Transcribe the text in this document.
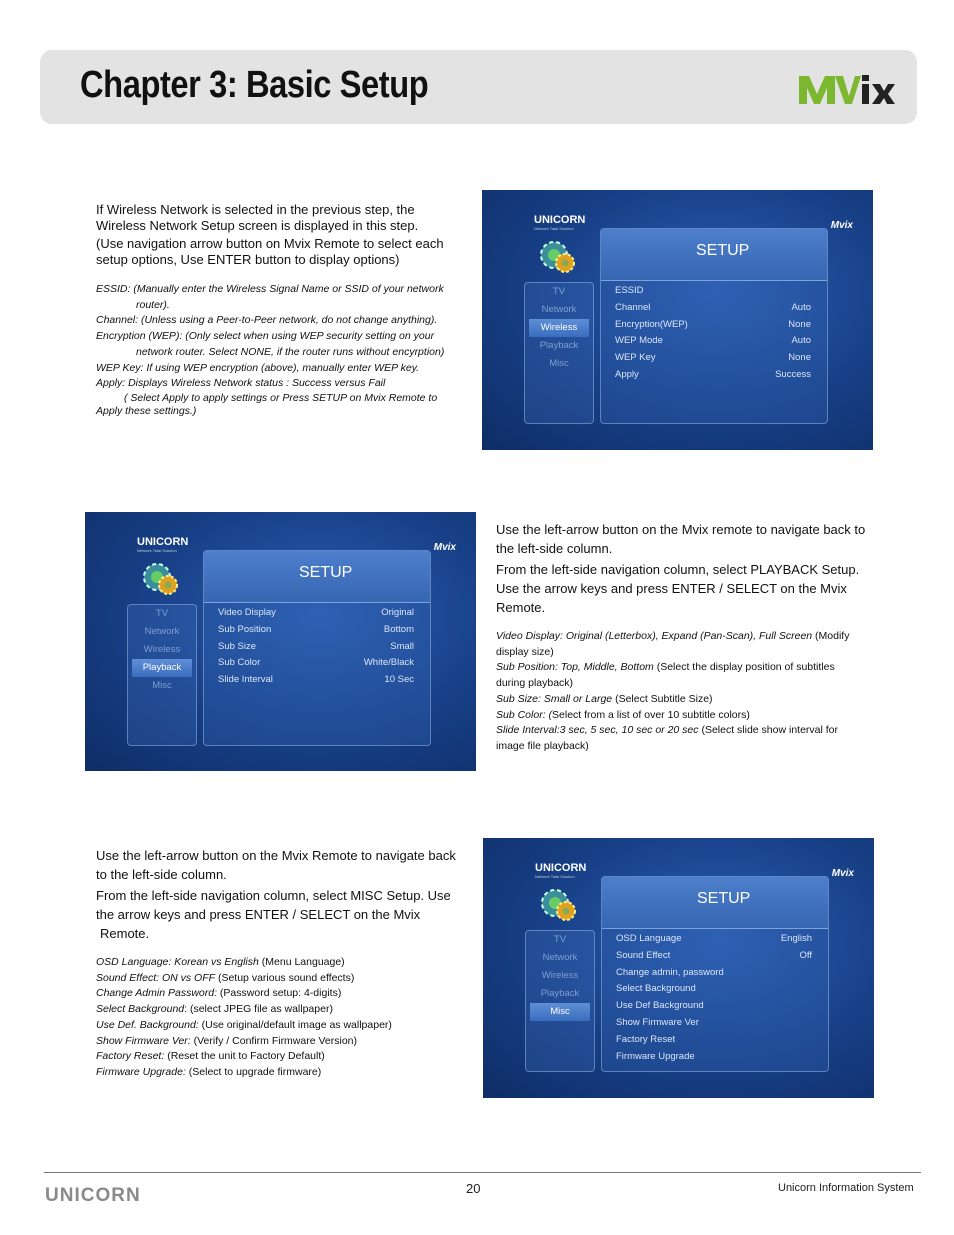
Chapter 3: Basic Setup

If Wireless Network is selected in the previous step, the Wireless Network Setup screen is displayed in this step.

(Use navigation arrow button on Mvix Remote to select each setup options, Use ENTER button to display options)

ESSID: (Manually enter the Wireless Signal Name or SSID of your network
router).
Channel: (Unless using a Peer-to-Peer network, do not change anything).
Encryption (WEP): (Only select when using WEP security setting on your
network router. Select NONE, if the router runs without encyrption)
WEP Key: If using WEP encryption (above), manually enter WEP key.
Apply: Displays Wireless Network status : Success versus Fail
( Select Apply to apply settings or Press SETUP on Mvix Remote to
Apply these settings.)
UNICORN
Network Total Solution	Mvix
TV
Network
Wireless
Playback
Misc
SETUP
ESSID
Channel	Auto
Encryption(WEP)	None
WEP Mode	Auto
WEP Key	None
Apply	Success
UNICORN
Network Total Solution	Mvix
TV
Network
Wireless
Playback
Misc
SETUP
Video Display	Original
Sub Position	Bottom
Sub Size	Small
Sub Color	White/Black
Slide Interval	10 Sec

Use the left-arrow button on the Mvix remote to navigate back to the left-side column.

From the left-side navigation column, select PLAYBACK Setup. Use the arrow keys and press ENTER / SELECT on the Mvix Remote.

Video Display: Original (Letterbox), Expand (Pan-Scan), Full Screen (Modify display size)
Sub Position: Top, Middle, Bottom (Select the display position of subtitles during playback)
Sub Size: Small or Large (Select Subtitle Size)
Sub Color: (Select from a list of over 10 subtitle colors)
Slide Interval:3 sec, 5 sec, 10 sec or 20 sec (Select slide show interval for image file playback)

Use the left-arrow button on the Mvix Remote to navigate back to the left-side column.

From the left-side navigation column, select MISC Setup. Use the arrow keys and press ENTER / SELECT on the Mvix

Remote.

OSD Language: Korean vs English (Menu Language)
Sound Effect: ON vs OFF (Setup various sound effects)
Change Admin Password: (Password setup: 4-digits)
Select Background: (select JPEG file as wallpaper)
Use Def. Background: (Use original/default image as wallpaper)
Show Firmware Ver: (Verify / Confirm Firmware Version)
Factory Reset: (Reset the unit to Factory Default)
Firmware Upgrade: (Select to upgrade firmware)
UNICORN
Network Total Solution	Mvix
TV
Network
Wireless
Playback
Misc
SETUP
OSD Language	English
Sound Effect	Off
Change admin, password
Select Background
Use Def Background
Show Firmware Ver
Factory Reset
Firmware Upgrade
UNICORN	20	Unicorn Information System
